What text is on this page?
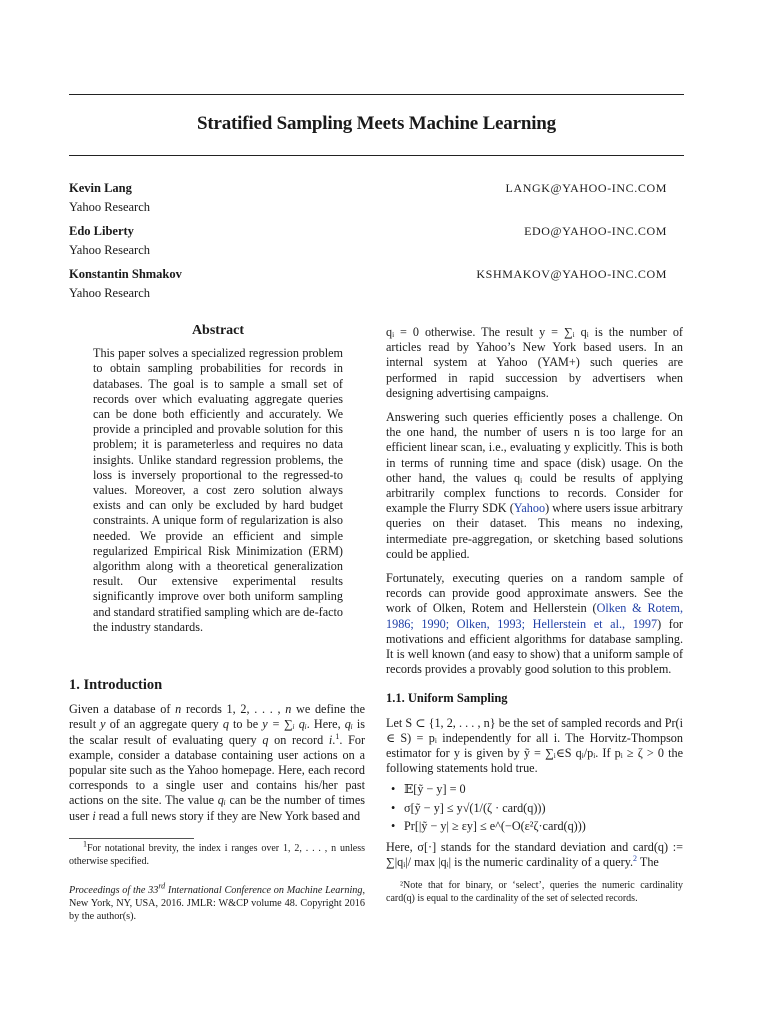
Stratified Sampling Meets Machine Learning
Kevin Lang
Yahoo Research
LANGK@YAHOO-INC.COM
Edo Liberty
Yahoo Research
EDO@YAHOO-INC.COM
Konstantin Shmakov
Yahoo Research
KSHMAKOV@YAHOO-INC.COM
Abstract

This paper solves a specialized regression problem to obtain sampling probabilities for records in databases. The goal is to sample a small set of records over which evaluating aggregate queries can be done both efficiently and accurately. We provide a principled and provable solution for this problem; it is parameterless and requires no data insights. Unlike standard regression problems, the loss is inversely proportional to the regressed-to values. Moreover, a cost zero solution always exists and can only be excluded by hard budget constraints. A unique form of regularization is also needed. We provide an efficient and simple regularized Empirical Risk Minimization (ERM) algorithm along with a theoretical generalization result. Our extensive experimental results significantly improve over both uniform sampling and standard stratified sampling which are de-facto the industry standards.

1. Introduction

Given a database of n records 1, 2, . . . , n we define the result y of an aggregate query q to be y = ∑ᵢ qᵢ. Here, qᵢ is the scalar result of evaluating query q on record i.$^1$. For example, consider a database containing user actions on a popular site such as the Yahoo homepage. Here, each record corresponds to a single user and contains his/her past actions on the site. The value qᵢ can be the number of times user i read a full news story if they are New York based and

$^1$For notational brevity, the index i ranges over 1, 2, . . . , n unless otherwise specified.

Proceedings of the 33rd International Conference on Machine Learning, New York, NY, USA, 2016. JMLR: W&CP volume 48. Copyright 2016 by the author(s).

qᵢ = 0 otherwise. The result y = ∑ᵢ qᵢ is the number of articles read by Yahoo’s New York based users. In an internal system at Yahoo (YAM+) such queries are performed in rapid succession by advertisers when designing advertising campaigns.

Answering such queries efficiently poses a challenge. On the one hand, the number of users n is too large for an efficient linear scan, i.e., evaluating y explicitly. This is both in terms of running time and space (disk) usage. On the other hand, the values qᵢ could be results of applying arbitrarily complex functions to records. Consider for example the Flurry SDK (Yahoo) where users issue arbitrary queries on their dataset. This means no indexing, intermediate pre-aggregation, or sketching based solutions could be applied.

Fortunately, executing queries on a random sample of records can provide good approximate answers. See the work of Olken, Rotem and Hellerstein (Olken & Rotem, 1986; 1990; Olken, 1993; Hellerstein et al., 1997) for motivations and efficient algorithms for database sampling. It is well known (and easy to show) that a uniform sample of records provides a provably good solution to this problem.

1.1. Uniform Sampling

Let S ⊂ {1, 2, . . . , n} be the set of sampled records and Pr(i ∈ S) = pᵢ independently for all i. The Horvitz-Thompson estimator for y is given by ỹ = ∑ᵢ∈S qᵢ/pᵢ. If pᵢ ≥ ζ > 0 the following statements hold true.

• 𝔼[ỹ − y] = 0
• σ[ỹ − y] ≤ y√(1/(ζ · card(q)))
• Pr[|ỹ − y| ≥ εy] ≤ e^(−O(ε²ζ·card(q)))

Here, σ[·] stands for the standard deviation and card(q) := ∑|qᵢ|/ max |qᵢ| is the numeric cardinality of a query.$^2$ The

²Note that for binary, or ‘select’, queries the numeric cardinality card(q) is equal to the cardinality of the set of selected records.
